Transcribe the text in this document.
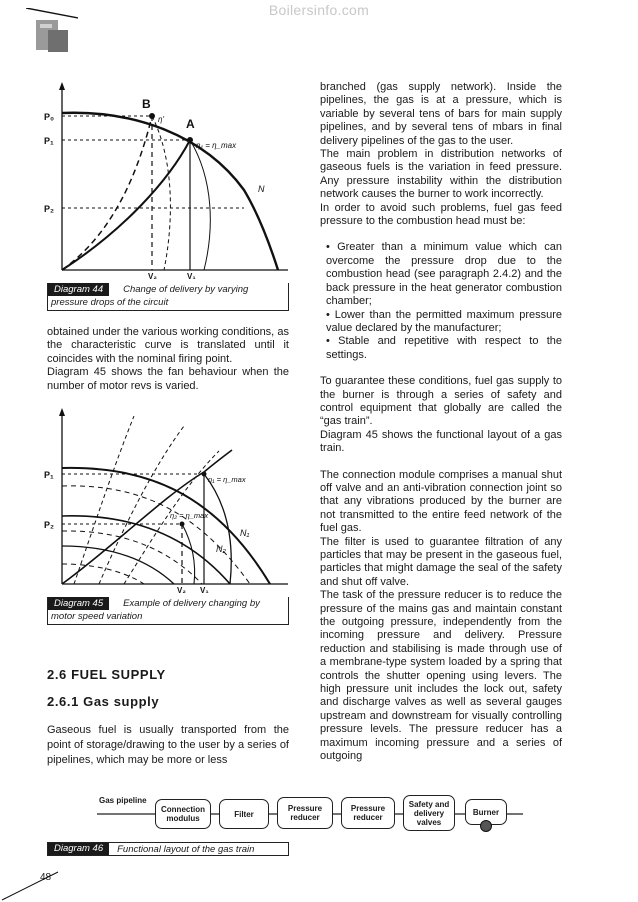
Boilersinfo.com
B
A
P₀
P₁
P₂
V₂	V₁
η'
η₁ = η_max
N
Diagram 44	Change of delivery by varying
pressure drops of the circuit

obtained under the various working conditions, as the characteristic curve is translated until it coincides with the nominal firing point.

Diagram 45 shows the fan behaviour when the number of motor revs is varied.

P₁
P₂
V₂ V₁
η₁ = η_max
η₂ = η_max
N₁
N₂
Diagram 45	Example of delivery changing by
motor speed variation
2.6 FUEL SUPPLY
2.6.1 Gas supply

Gaseous fuel is usually transported from the point of storage/drawing to the user by a series of pipelines, which may be more or less

branched (gas supply network). Inside the pipelines, the gas is at a pressure, which is variable by several tens of bars for main supply pipelines, and by several tens of mbars in final delivery pipelines of the gas to the user.

The main problem in distribution networks of gaseous fuels is the variation in feed pressure. Any pressure instability within the distribution network causes the burner to work incorrectly.

In order to avoid such problems, fuel gas feed pressure to the combustion head must be:

• Greater than a minimum value which can overcome the pressure drop due to the combustion head (see paragraph 2.4.2) and the back pressure in the heat generator combustion chamber;

• Lower than the permitted maximum pressure value declared by the manufacturer;

• Stable and repetitive with respect to the settings.

To guarantee these conditions, fuel gas supply to the burner is through a series of safety and control equipment that globally are called the “gas train”.

Diagram 45 shows the functional layout of a gas train.

The connection module comprises a manual shut off valve and an anti-vibration connection joint so that any vibrations produced by the burner are not transmitted to the entire feed network of the fuel gas.

The filter is used to guarantee filtration of any particles that may be present in the gaseous fuel, particles that might damage the seal of the safety and shut off valve.

The task of the pressure reducer is to reduce the pressure of the mains gas and maintain constant the outgoing pressure, independently from the incoming pressure and delivery. Pressure reduction and stabilising is made through use of a membrane-type system loaded by a spring that controls the shutter opening using levers. The high pressure unit includes the lock out, safety and discharge valves as well as several gauges upstream and downstream for visually controlling pressure levels. The pressure reducer has a maximum incoming pressure and a series of outgoing

Gas pipeline
Connection modulus	Filter
Pressure reducer
Pressure reducer
Safety and delivery valves
Burner
Diagram 46	Functional layout of the gas train
48
